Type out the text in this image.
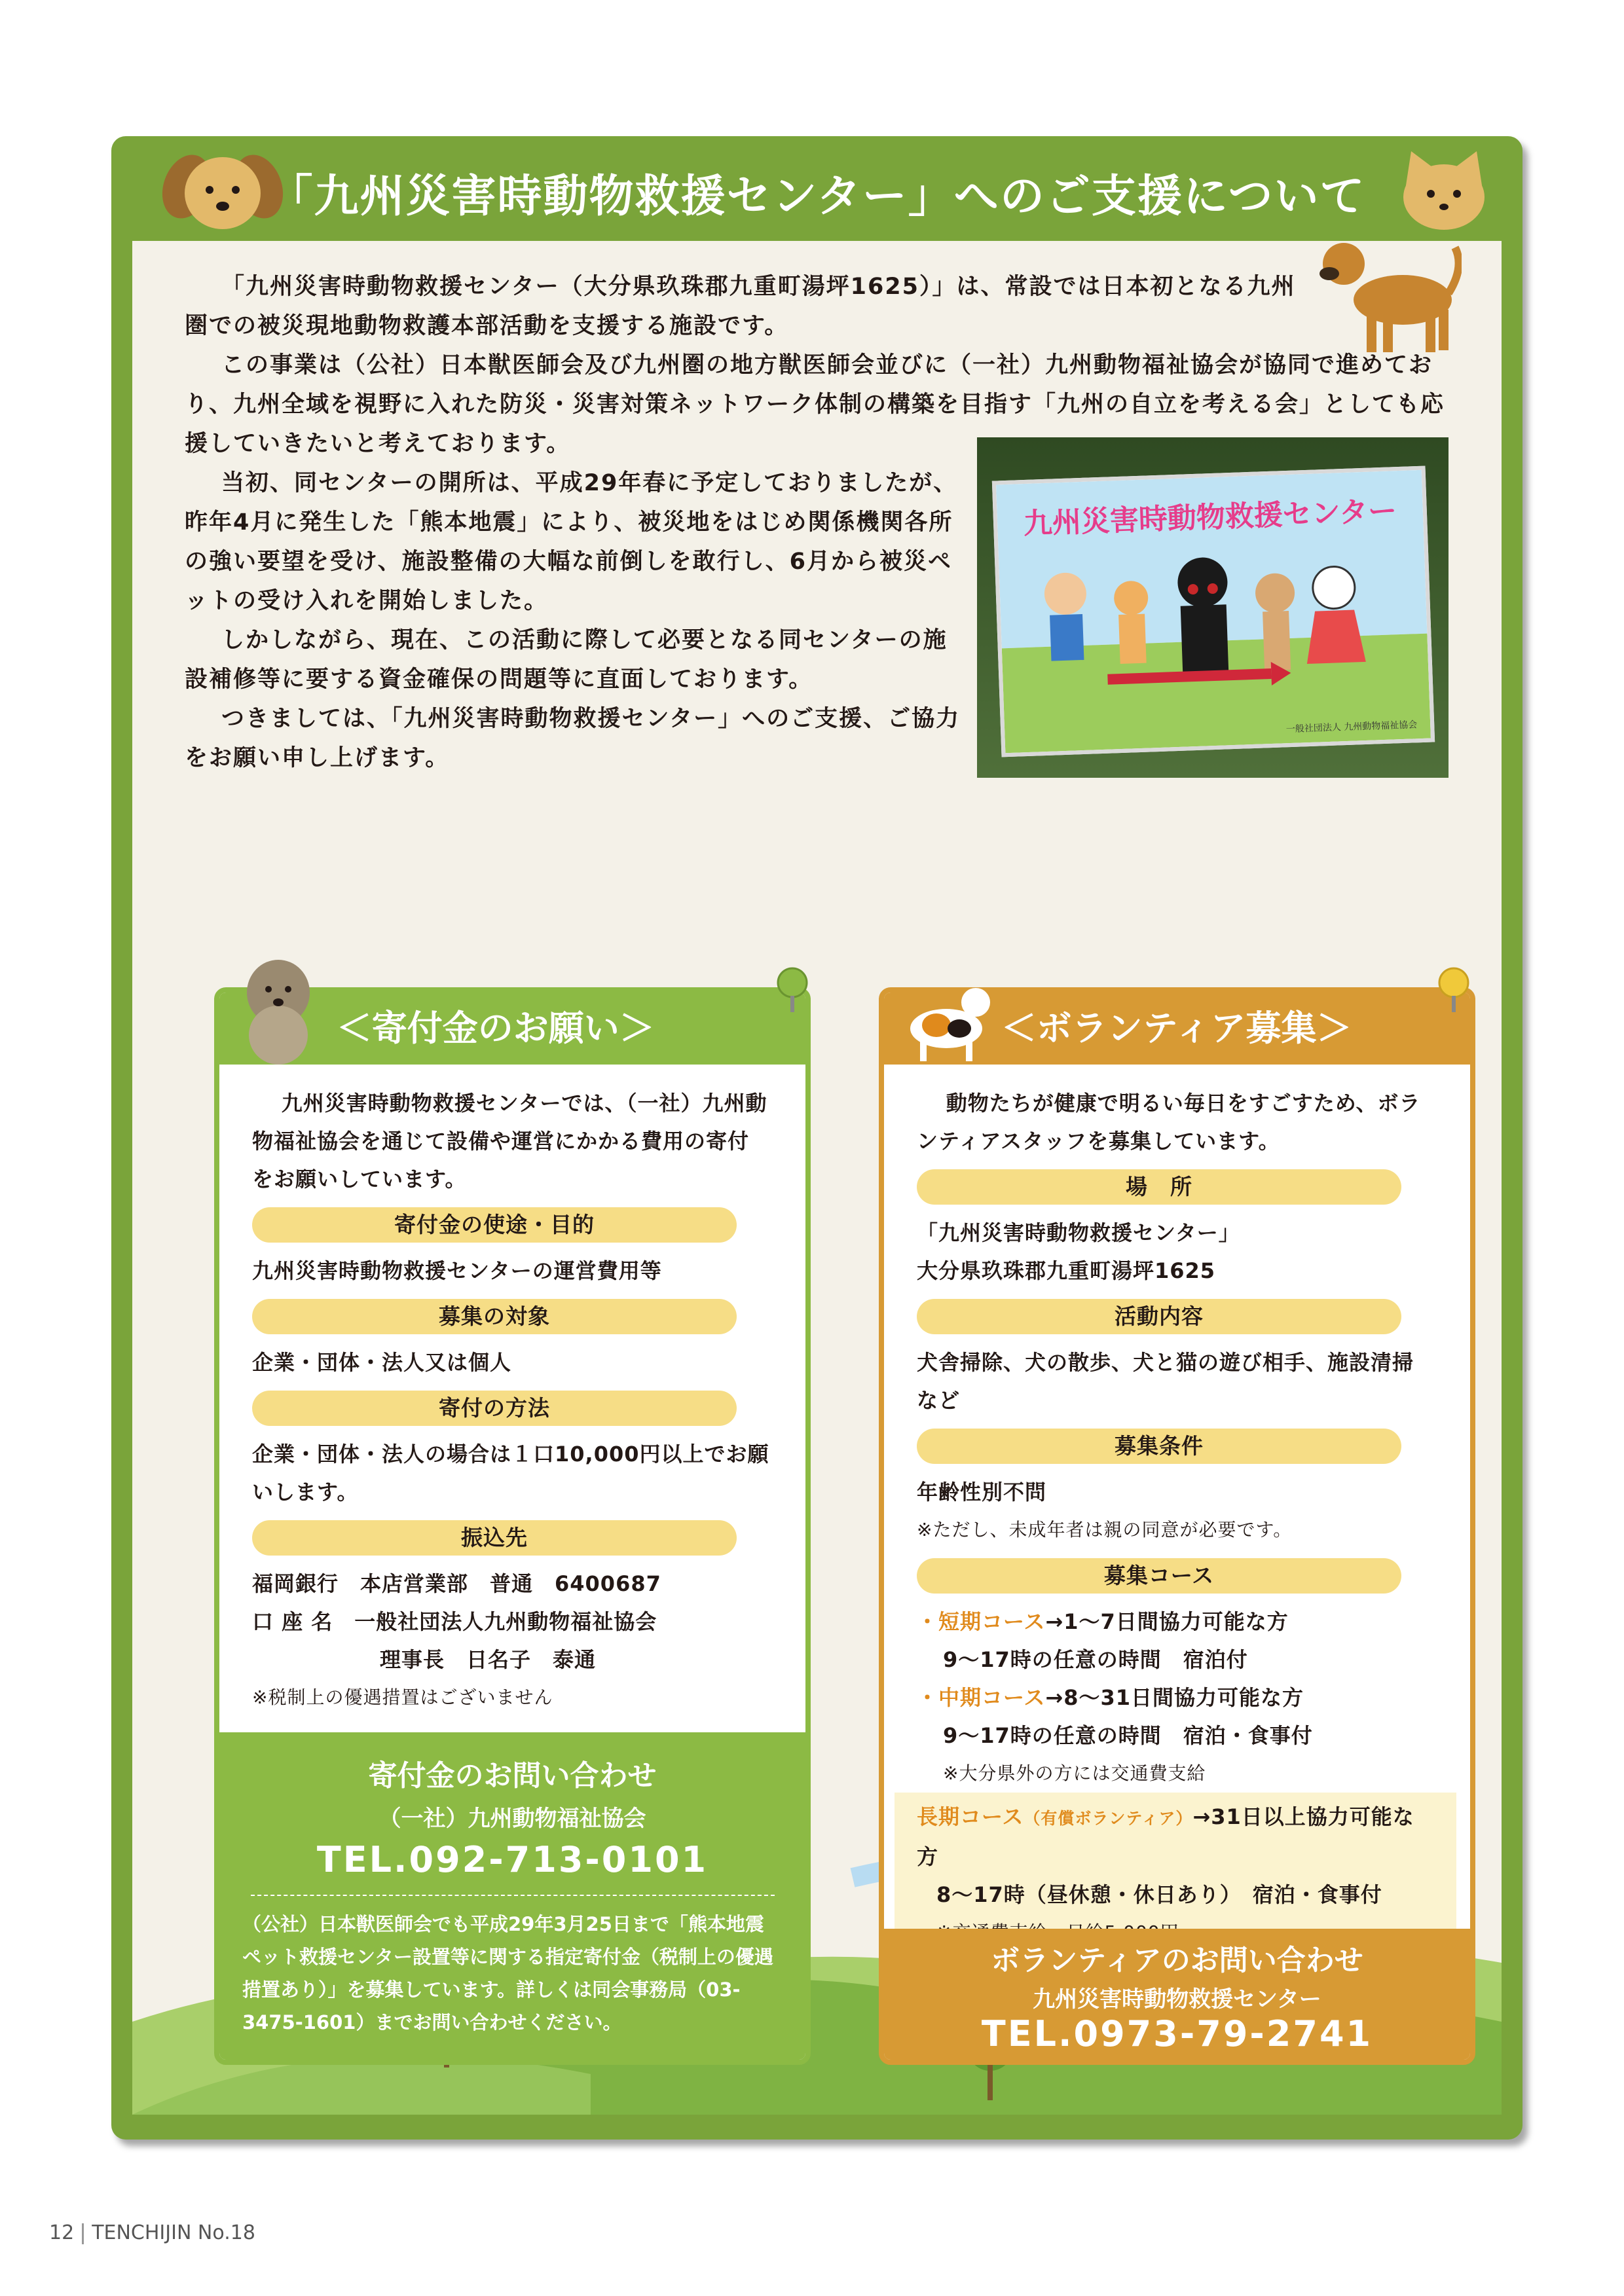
「九州災害時動物救援センター」へのご支援について

「九州災害時動物救援センター（大分県玖珠郡九重町湯坪1625）」は、常設では日本初となる九州圏での被災現地動物救護本部活動を支援する施設です。

この事業は（公社）日本獣医師会及び九州圏の地方獣医師会並びに（一社）九州動物福祉協会が協同で進めており、九州全域を視野に入れた防災・災害対策ネットワーク体制の構築を目指す「九州の自立を考える会」としても応援していきたいと考えております。

当初、同センターの開所は、平成29年春に予定しておりましたが、昨年4月に発生した「熊本地震」により、被災地をはじめ関係機関各所の強い要望を受け、施設整備の大幅な前倒しを敢行し、6月から被災ペットの受け入れを開始しました。

しかしながら、現在、この活動に際して必要となる同センターの施設補修等に要する資金確保の問題等に直面しております。

つきましては、「九州災害時動物救援センター」へのご支援、ご協力をお願い申し上げます。

九州災害時動物救援センター
一般社団法人 九州動物福祉協会
＜寄付金のお願い＞

九州災害時動物救援センターでは、（一社）九州動物福祉協会を通じて設備や運営にかかる費用の寄付をお願いしています。

寄付金の使途・目的

九州災害時動物救援センターの運営費用等

募集の対象

企業・団体・法人又は個人

寄付の方法

企業・団体・法人の場合は１口10,000円以上でお願いします。

振込先

福岡銀行　本店営業部　普通　6400687

口 座 名　一般社団法人九州動物福祉協会

理事長　日名子　泰通

※税制上の優遇措置はございません

寄付金のお問い合わせ
（一社）九州動物福祉協会
TEL.092-713-0101
（公社）日本獣医師会でも平成29年3月25日まで「熊本地震ペット救援センター設置等に関する指定寄付金（税制上の優遇措置あり）」を募集しています。詳しくは同会事務局（03-3475-1601）までお問い合わせください。
＜ボランティア募集＞

動物たちが健康で明るい毎日をすごすため、ボランティアスタッフを募集しています。

場　所

「九州災害時動物救援センター」

大分県玖珠郡九重町湯坪1625

活動内容

犬舎掃除、犬の散歩、犬と猫の遊び相手、施設清掃など

募集条件

年齢性別不問

※ただし、未成年者は親の同意が必要です。

募集コース

・短期コース→1～7日間協力可能な方

9～17時の任意の時間　宿泊付

・中期コース→8～31日間協力可能な方

9～17時の任意の時間　宿泊・食事付

※大分県外の方には交通費支給

長期コース（有償ボランティア）→31日以上協力可能な方

8～17時（昼休憩・休日あり）　宿泊・食事付

ボランティアのお問い合わせ
九州災害時動物救援センター
TEL.0973-79-2741
12 TENCHIJIN No.18
